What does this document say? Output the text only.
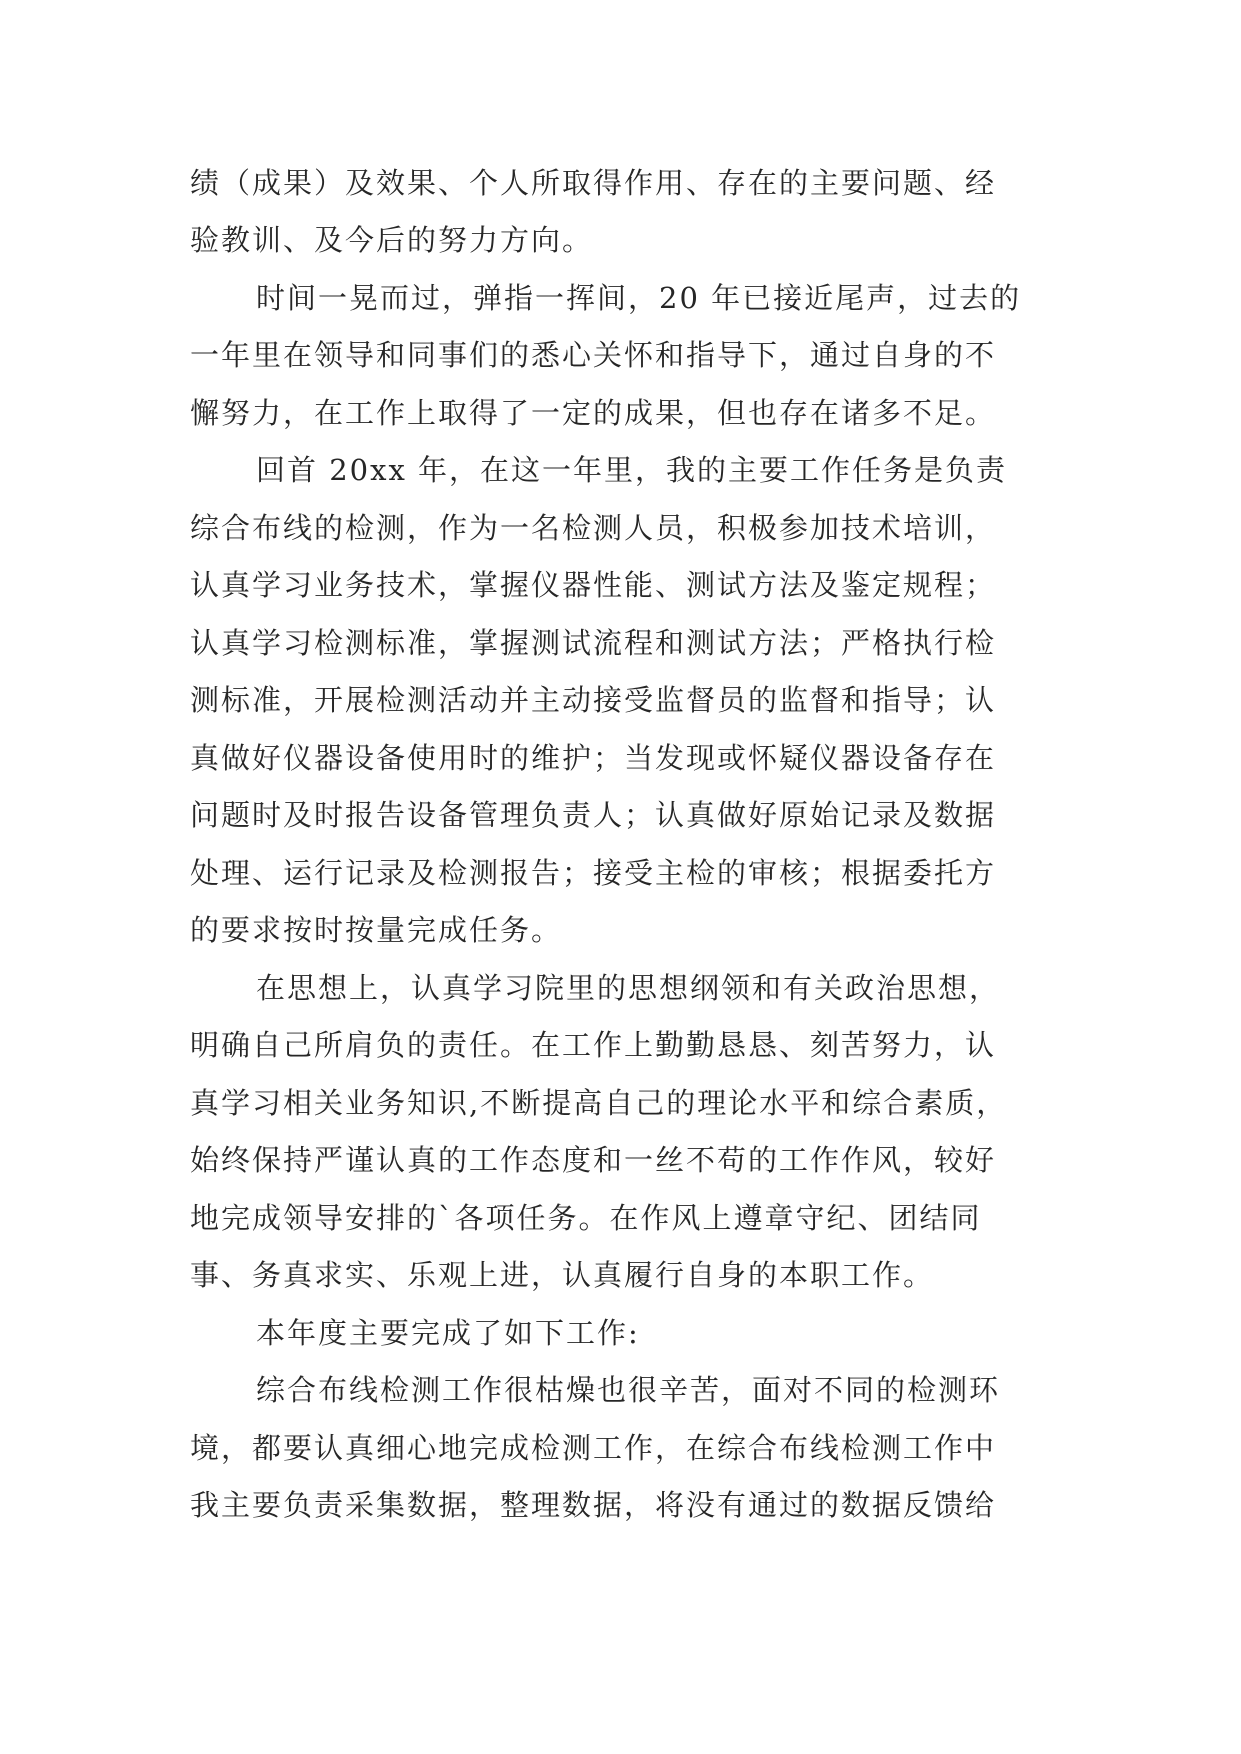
绩（成果）及效果、个人所取得作用、存在的主要问题、经
验教训、及今后的努力方向。
时间一晃而过，弹指一挥间，20 年已接近尾声，过去的
一年里在领导和同事们的悉心关怀和指导下，通过自身的不
懈努力，在工作上取得了一定的成果，但也存在诸多不足。
回首 20xx 年，在这一年里，我的主要工作任务是负责
综合布线的检测，作为一名检测人员，积极参加技术培训，
认真学习业务技术，掌握仪器性能、测试方法及鉴定规程；
认真学习检测标准，掌握测试流程和测试方法；严格执行检
测标准，开展检测活动并主动接受监督员的监督和指导；认
真做好仪器设备使用时的维护；当发现或怀疑仪器设备存在
问题时及时报告设备管理负责人；认真做好原始记录及数据
处理、运行记录及检测报告；接受主检的审核；根据委托方
的要求按时按量完成任务。
在思想上，认真学习院里的思想纲领和有关政治思想，
明确自己所肩负的责任。在工作上勤勤恳恳、刻苦努力，认
真学习相关业务知识,不断提高自己的理论水平和综合素质，
始终保持严谨认真的工作态度和一丝不苟的工作作风，较好
地完成领导安排的`各项任务。在作风上遵章守纪、团结同
事、务真求实、乐观上进，认真履行自身的本职工作。
本年度主要完成了如下工作:
综合布线检测工作很枯燥也很辛苦，面对不同的检测环
境，都要认真细心地完成检测工作，在综合布线检测工作中
我主要负责采集数据，整理数据，将没有通过的数据反馈给
